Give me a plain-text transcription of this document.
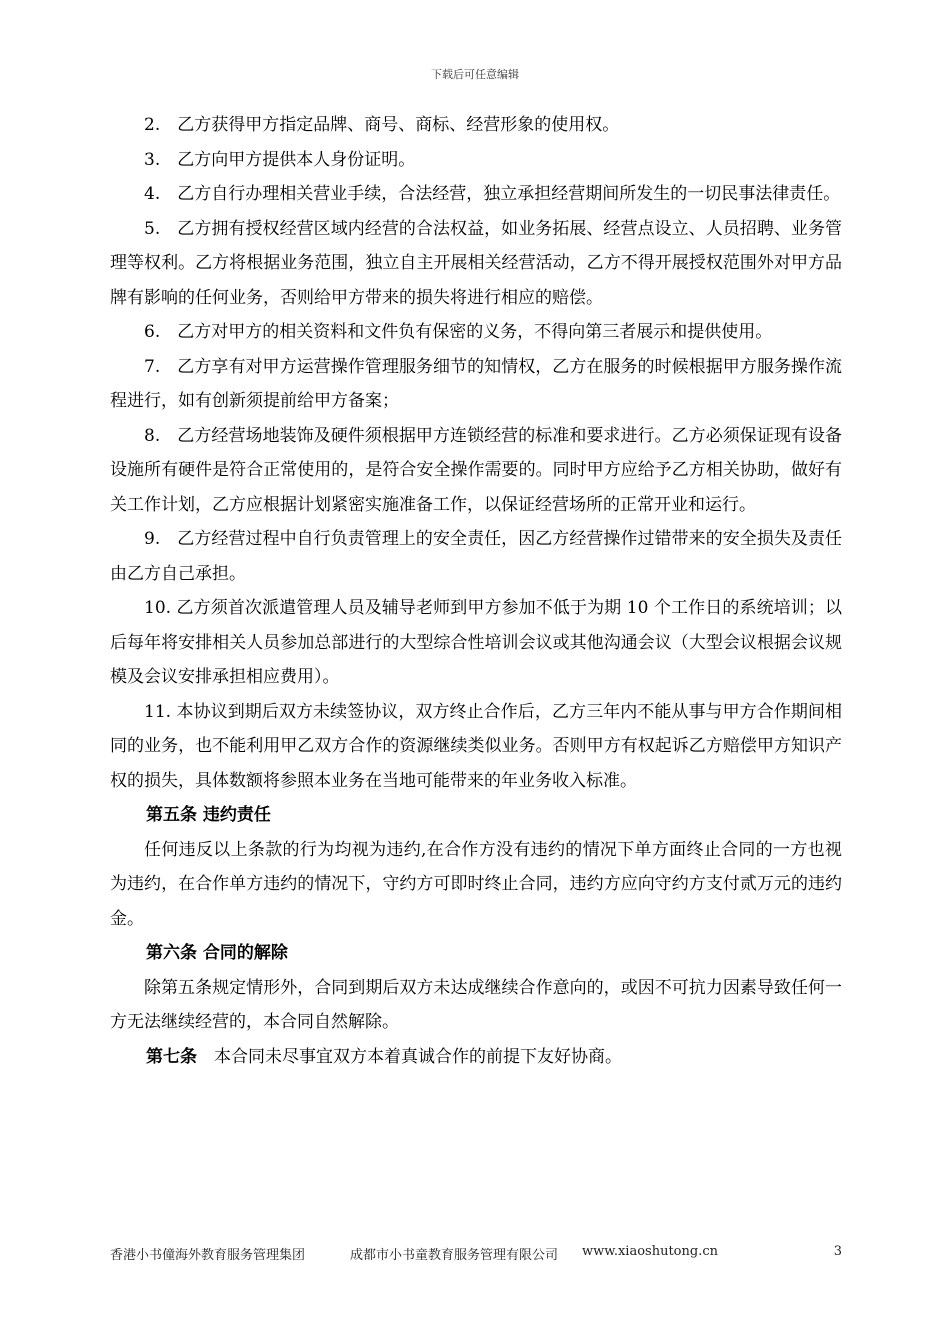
下载后可任意编辑

2.　乙方获得甲方指定品牌、商号、商标、经营形象的使用权。

3.　乙方向甲方提供本人身份证明。

4.　乙方自行办理相关营业手续，合法经营，独立承担经营期间所发生的一切民事法律责任。

5.　乙方拥有授权经营区域内经营的合法权益，如业务拓展、经营点设立、人员招聘、业务管理等权利。乙方将根据业务范围，独立自主开展相关经营活动，乙方不得开展授权范围外对甲方品牌有影响的任何业务，否则给甲方带来的损失将进行相应的赔偿。

6.　乙方对甲方的相关资料和文件负有保密的义务，不得向第三者展示和提供使用。

7.　乙方享有对甲方运营操作管理服务细节的知情权，乙方在服务的时候根据甲方服务操作流程进行，如有创新须提前给甲方备案；

8.　乙方经营场地装饰及硬件须根据甲方连锁经营的标准和要求进行。乙方必须保证现有设备设施所有硬件是符合正常使用的，是符合安全操作需要的。同时甲方应给予乙方相关协助，做好有关工作计划，乙方应根据计划紧密实施准备工作，以保证经营场所的正常开业和运行。

9.　乙方经营过程中自行负责管理上的安全责任，因乙方经营操作过错带来的安全损失及责任由乙方自己承担。

10. 乙方须首次派遣管理人员及辅导老师到甲方参加不低于为期 10 个工作日的系统培训；以后每年将安排相关人员参加总部进行的大型综合性培训会议或其他沟通会议（大型会议根据会议规模及会议安排承担相应费用）。

11. 本协议到期后双方未续签协议，双方终止合作后，乙方三年内不能从事与甲方合作期间相同的业务，也不能利用甲乙双方合作的资源继续类似业务。否则甲方有权起诉乙方赔偿甲方知识产权的损失，具体数额将参照本业务在当地可能带来的年业务收入标准。

第五条 违约责任

任何违反以上条款的行为均视为违约,在合作方没有违约的情况下单方面终止合同的一方也视为违约，在合作单方违约的情况下，守约方可即时终止合同，违约方应向守约方支付贰万元的违约金。

第六条 合同的解除

除第五条规定情形外，合同到期后双方未达成继续合作意向的，或因不可抗力因素导致任何一方无法继续经营的，本合同自然解除。

第七条　 本合同未尽事宜双方本着真诚合作的前提下友好协商。

香港小书僮海外教育服务管理集团	成都市小书童教育服务管理有限公司	www.xiaoshutong.cn	3
